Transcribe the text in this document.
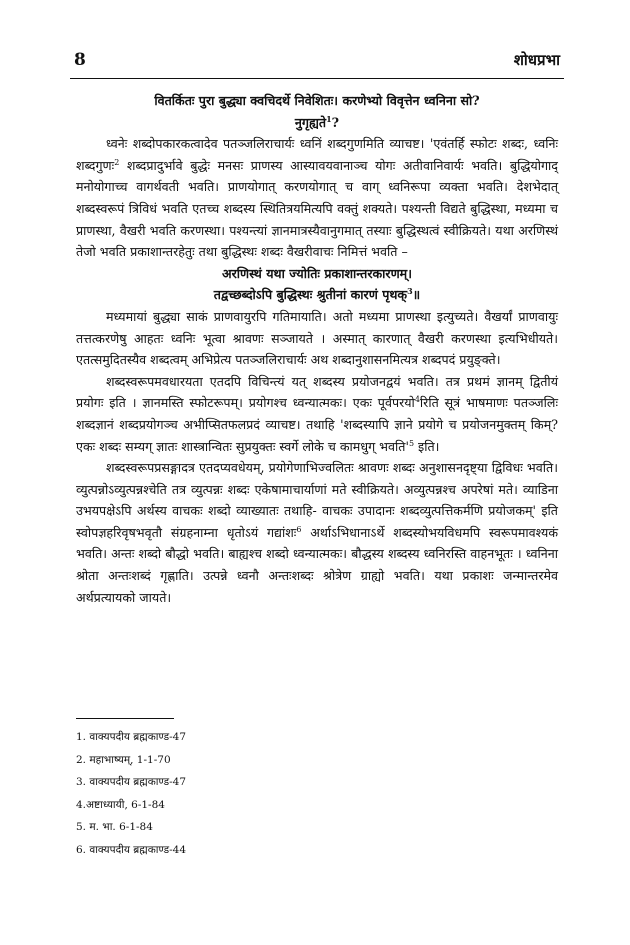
8	शोधप्रभा

वितर्कितः पुरा बुद्ध्या क्वचिदर्थे निवेशितः। करणेभ्यो विवृत्तेन ध्वनिना सो?
नुगृह्यते$^1$?

ध्वनेः शब्दोपकारकत्वादेव पतञ्जलिराचार्यः ध्वनिं शब्दगुणमिति व्याचष्ट। 'एवंतर्हि स्फोटः शब्दः, ध्वनिः शब्दगुणः$^2$ शब्दप्रादुर्भावे बुद्धेः मनसः प्राणस्य आस्यावयवानाञ्च योगः अतीवानिवार्यः भवति। बुद्धियोगाद् मनोयोगाच्च वागर्थवती भवति। प्राणयोगात् करणयोगात् च वाग् ध्वनिरूपा व्यक्ता भवति। देशभेदात् शब्दस्वरूपं त्रिविधं भवति एतच्च शब्दस्य स्थितित्रयमित्यपि वक्तुं शक्यते। पश्यन्ती विद्यते बुद्धिस्था, मध्यमा च प्राणस्था, वैखरी भवति करणस्था। पश्यन्त्यां ज्ञानमात्रस्यैवानुगमात् तस्याः बुद्धिस्थत्वं स्वीक्रियते। यथा अरणिस्थं तेजो भवति प्रकाशान्तरहेतुः तथा बुद्धिस्थः शब्दः वैखरीवाचः निमित्तं भवति –

अरणिस्थं यथा ज्योतिः प्रकाशान्तरकारणम्।
तद्वच्छब्दोऽपि बुद्धिस्थः श्रुतीनां कारणं पृथक्$^3$॥

मध्यमायां बुद्ध्या साकं प्राणवायुरपि गतिमायाति। अतो मध्यमा प्राणस्था इत्युच्यते। वैखर्यां प्राणवायुः तत्तत्करणेषु आहतः ध्वनिः भूत्वा श्रावणः सञ्जायते । अस्मात् कारणात् वैखरी करणस्था इत्यभिधीयते। एतत्समुदितस्यैव शब्दत्वम् अभिप्रेत्य पतञ्जलिराचार्यः अथ शब्दानुशासनमित्यत्र शब्दपदं प्रयुङ्क्ते।

शब्दस्वरूपमवधारयता एतदपि विचिन्त्यं यत् शब्दस्य प्रयोजनद्वयं भवति। तत्र प्रथमं ज्ञानम् द्वितीयं प्रयोगः इति । ज्ञानमस्ति स्फोटरूपम्। प्रयोगश्च ध्वन्यात्मकः। एकः पूर्वपरयो$^4$रिति सूत्रं भाषमाणः पतञ्जलिः शब्दज्ञानं शब्दप्रयोगञ्च अभीप्सितफलप्रदं व्याचष्ट। तथाहि 'शब्दस्यापि ज्ञाने प्रयोगे च प्रयोजनमुक्तम् किम्? एकः शब्दः सम्यग् ज्ञातः शास्त्रान्वितः सुप्रयुक्तः स्वर्गे लोके च कामधुग् $भवति'^5$ इति।

शब्दस्वरूपप्रसङ्गादत्र एतदप्यवधेयम्, प्रयोगेणाभिज्वलितः श्रावणः शब्दः अनुशासनदृष्ट्या द्विविधः भवति। व्युत्पन्नोऽव्युत्पन्नश्चेति तत्र व्युत्पन्नः शब्दः एकेषामाचार्याणां मते स्वीक्रियते। अव्युत्पन्नश्च अपरेषां मते। व्याडिना उभयपक्षेऽपि अर्थस्य वाचकः शब्दो व्याख्यातः तथाहि- वाचकः उपादानः शब्दव्युत्पत्तिकर्मणि प्रयोजकम्' इति स्वोपज्ञहरिवृषभवृतौ संग्रहनाम्ना धृतोऽयं गद्यांशः$^6$ अर्थाऽभिधानाऽर्थे शब्दस्योभयविधमपि स्वरूपमावश्यकं भवति। अन्तः शब्दो बौद्धो भवति। बाह्यश्च शब्दो ध्वन्यात्मकः। बौद्धस्य शब्दस्य ध्वनिरस्ति वाहनभूतः । ध्वनिना श्रोता अन्तःशब्दं गृह्णाति। उत्पन्ने ध्वनौ अन्तःशब्दः श्रोत्रेण ग्राह्यो भवति। यथा प्रकाशः जन्मान्तरमेव अर्थप्रत्यायको जायते।

1. वाक्यपदीय ब्रह्मकाण्ड-47
2. महाभाष्यम्, 1-1-70
3. वाक्यपदीय ब्रह्मकाण्ड-47
4.अष्टाध्यायी, 6-1-84
5. म. भा. 6-1-84
6. वाक्यपदीय ब्रह्मकाण्ड-44
